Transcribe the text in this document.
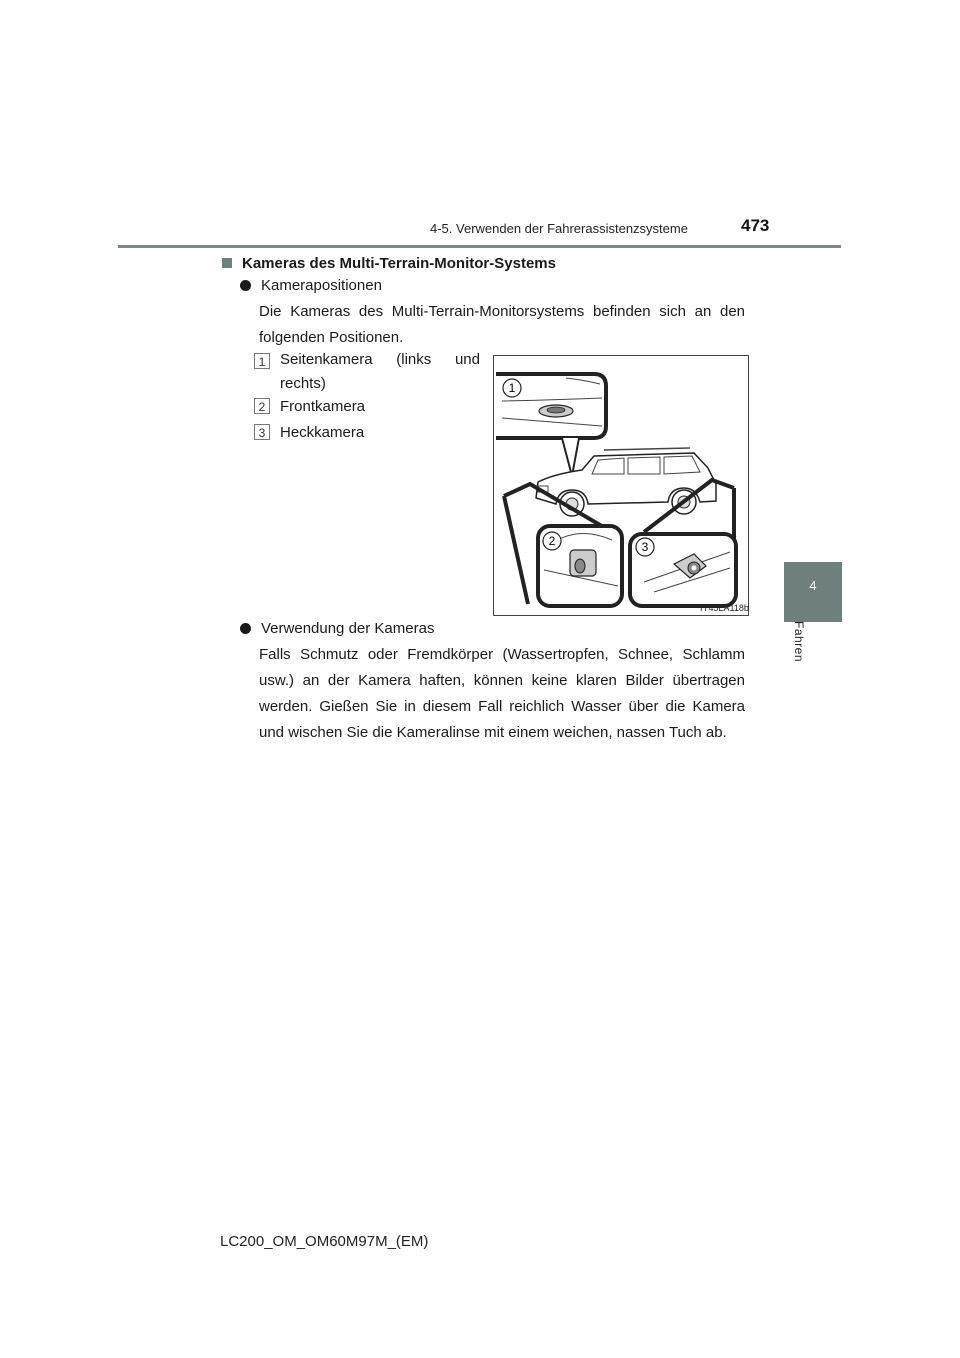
4-5. Verwenden der Fahrerassistenzsysteme	473
4
Fahren
Kameras des Multi-Terrain-Monitor-Systems
Kamerapositionen
Die Kameras des Multi-Terrain-Monitorsystems befinden sich an den folgenden Positionen.
1 Seitenkamera (links und
rechts)
2 Frontkamera
3 Heckkamera
1
2	3
IY45LA118b
Verwendung der Kameras
Falls Schmutz oder Fremdkörper (Wassertropfen, Schnee, Schlamm usw.) an der Kamera haften, können keine klaren Bilder übertragen werden. Gießen Sie in diesem Fall reichlich Wasser über die Kamera und wischen Sie die Kameralinse mit einem weichen, nassen Tuch ab.
LC200_OM_OM60M97M_(EM)
